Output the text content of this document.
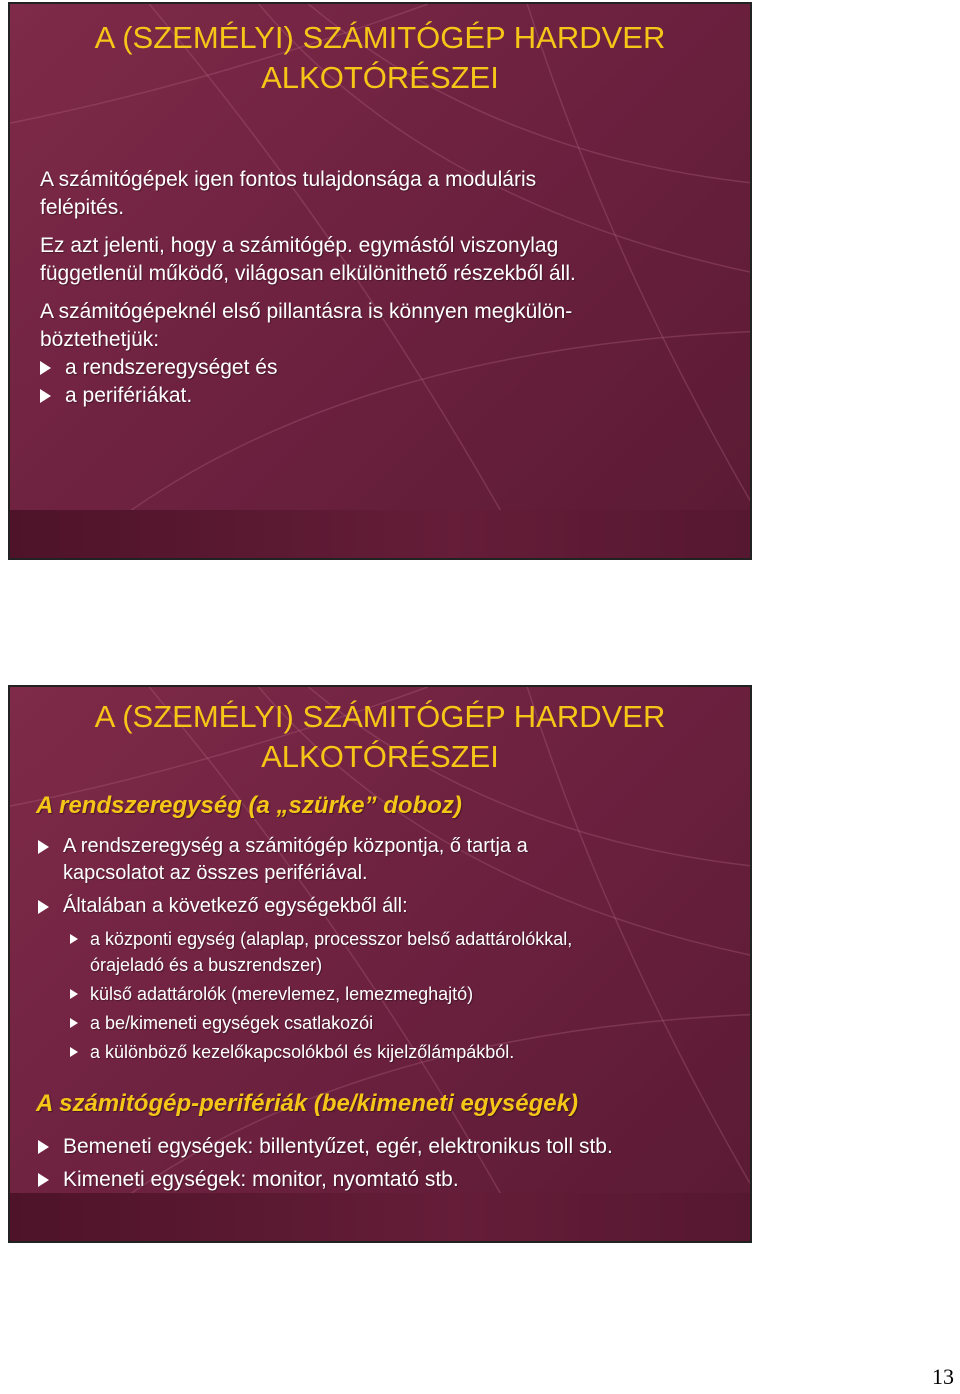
A (SZEMÉLYI) SZÁMITÓGÉP HARDVER
ALKOTÓRÉSZEI

A számitógépek igen fontos tulajdonsága a moduláris
felépités.

Ez azt jelenti, hogy a számitógép. egymástól viszonylag
függetlenül működő, világosan elkülönithető részekből áll.

A számitógépeknél első pillantásra is könnyen megkülön-
böztethetjük:

a rendszeregységet és
a perifériákat.
A (SZEMÉLYI) SZÁMITÓGÉP HARDVER
ALKOTÓRÉSZEI
A rendszeregység (a „szürke” doboz)
A rendszeregység a számitógép központja, ő tartja a
kapcsolatot az összes perifériával.
Általában a következő egységekből áll:
a központi egység (alaplap, processzor belső adattárolókkal,
órajeladó és a buszrendszer)
külső adattárolók (merevlemez, lemezmeghajtó)
a be/kimeneti egységek csatlakozói
a különböző kezelőkapcsolókból és kijelzőlámpákból.
A számitógép-perifériák (be/kimeneti egységek)
Bemeneti egységek: billentyűzet, egér, elektronikus toll stb.
Kimeneti egységek: monitor, nyomtató stb.
13
